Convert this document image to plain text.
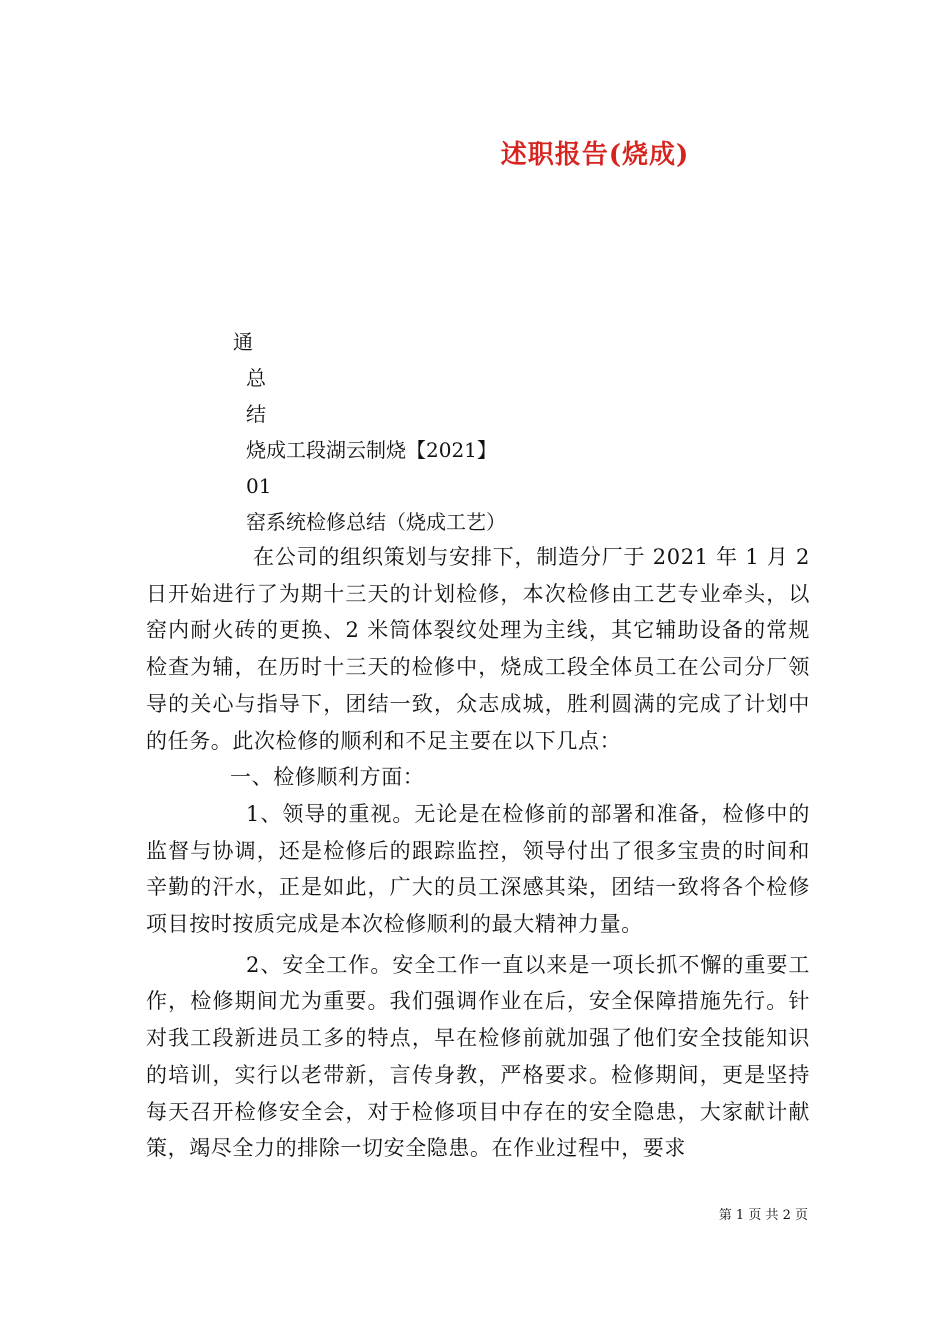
述职报告(烧成)
通
总
结
烧成工段湖云制烧【2021】
01
窑系统检修总结（烧成工艺）

在公司的组织策划与安排下，制造分厂于 2021 年 1 月 2 日开始进行了为期十三天的计划检修，本次检修由工艺专业牵头，以窑内耐火砖的更换、2 米筒体裂纹处理为主线，其它辅助设备的常规检查为辅，在历时十三天的检修中，烧成工段全体员工在公司分厂领导的关心与指导下，团结一致，众志成城，胜利圆满的完成了计划中的任务。此次检修的顺利和不足主要在以下几点：

一、检修顺利方面：

1、领导的重视。无论是在检修前的部署和准备，检修中的监督与协调，还是检修后的跟踪监控，领导付出了很多宝贵的时间和辛勤的汗水，正是如此，广大的员工深感其染，团结一致将各个检修项目按时按质完成是本次检修顺利的最大精神力量。

2、安全工作。安全工作一直以来是一项长抓不懈的重要工作，检修期间尤为重要。我们强调作业在后，安全保障措施先行。针对我工段新进员工多的特点，早在检修前就加强了他们安全技能知识的培训，实行以老带新，言传身教，严格要求。检修期间，更是坚持每天召开检修安全会，对于检修项目中存在的安全隐患，大家献计献策，竭尽全力的排除一切安全隐患。在作业过程中，要求

第 1 页 共 2 页
